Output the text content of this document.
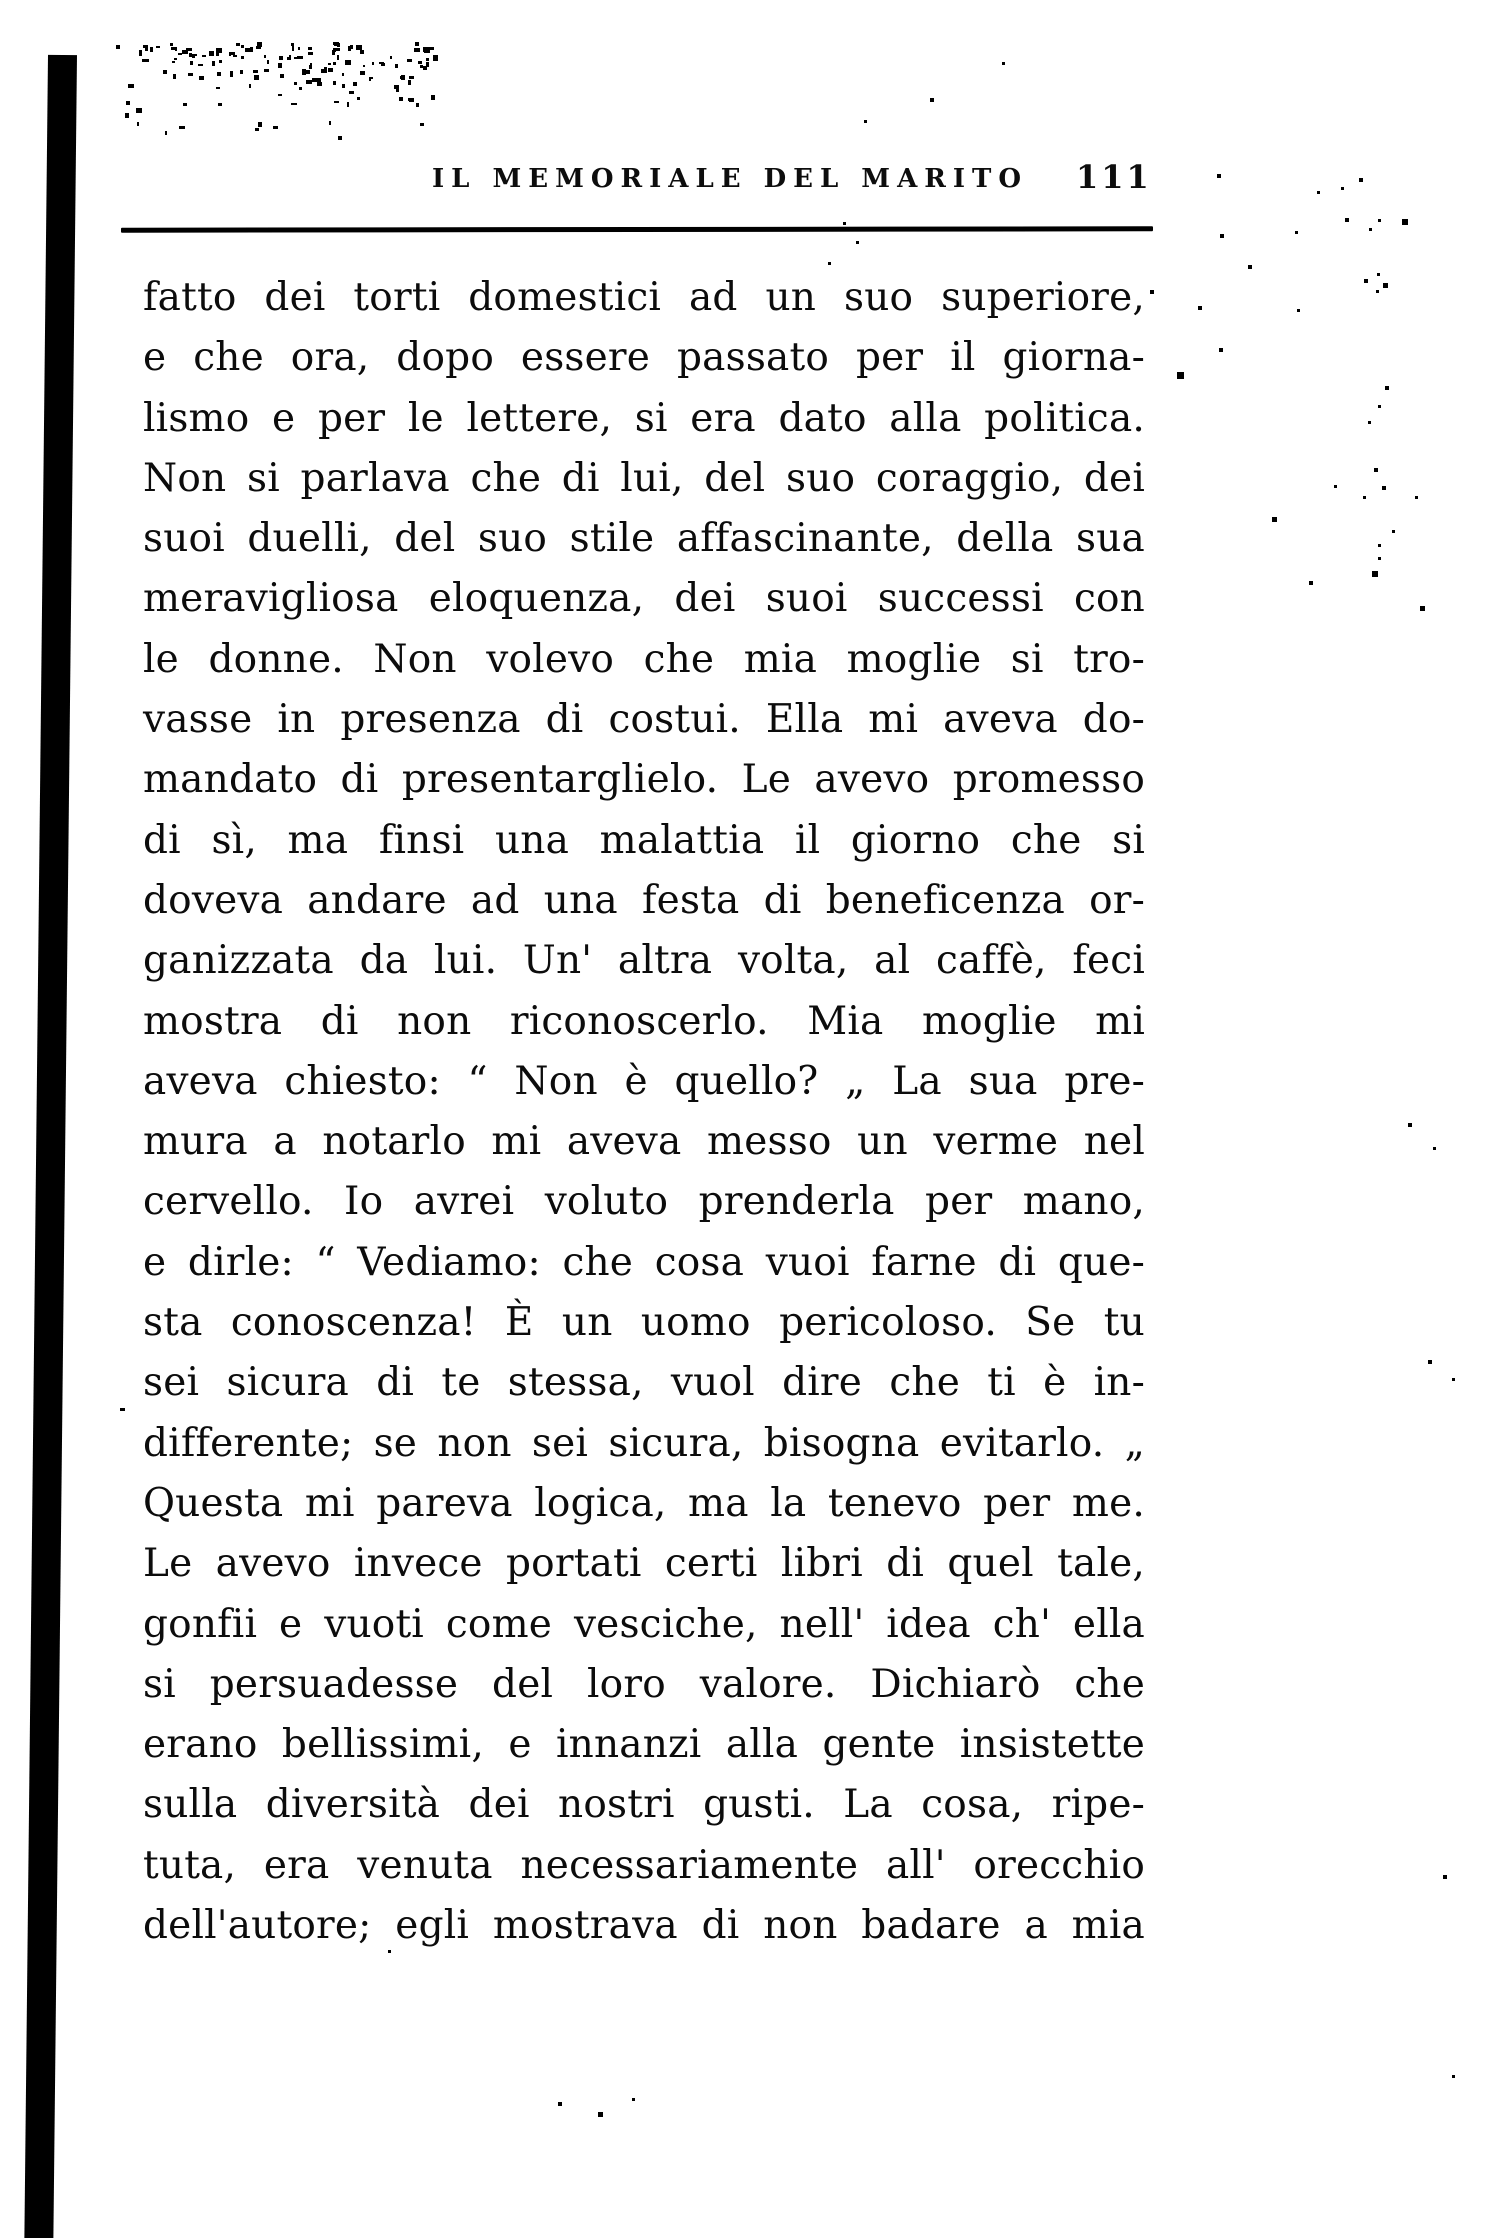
IL MEMORIALE DEL MARITO 111
fatto dei torti domestici ad un suo superiore,
e che ora, dopo essere passato per il giorna-
lismo e per le lettere, si era dato alla politica.
Non si parlava che di lui, del suo coraggio, dei
suoi duelli, del suo stile affascinante, della sua
meravigliosa eloquenza, dei suoi successi con
le donne. Non volevo che mia moglie si tro-
vasse in presenza di costui. Ella mi aveva do-
mandato di presentarglielo. Le avevo promesso
di sì, ma finsi una malattia il giorno che si
doveva andare ad una festa di beneficenza or-
ganizzata da lui. Un' altra volta, al caffè, feci
mostra di non riconoscerlo. Mia moglie mi
aveva chiesto: “ Non è quello? „ La sua pre-
mura a notarlo mi aveva messo un verme nel
cervello. Io avrei voluto prenderla per mano,
e dirle: “ Vediamo: che cosa vuoi farne di que-
sta conoscenza! È un uomo pericoloso. Se tu
sei sicura di te stessa, vuol dire che ti è in-
differente; se non sei sicura, bisogna evitarlo. „
Questa mi pareva logica, ma la tenevo per me.
Le avevo invece portati certi libri di quel tale,
gonfii e vuoti come vesciche, nell' idea ch' ella
si persuadesse del loro valore. Dichiarò che
erano bellissimi, e innanzi alla gente insistette
sulla diversità dei nostri gusti. La cosa, ripe-
tuta, era venuta necessariamente all' orecchio
dell'autore; egli mostrava di non badare a mia
